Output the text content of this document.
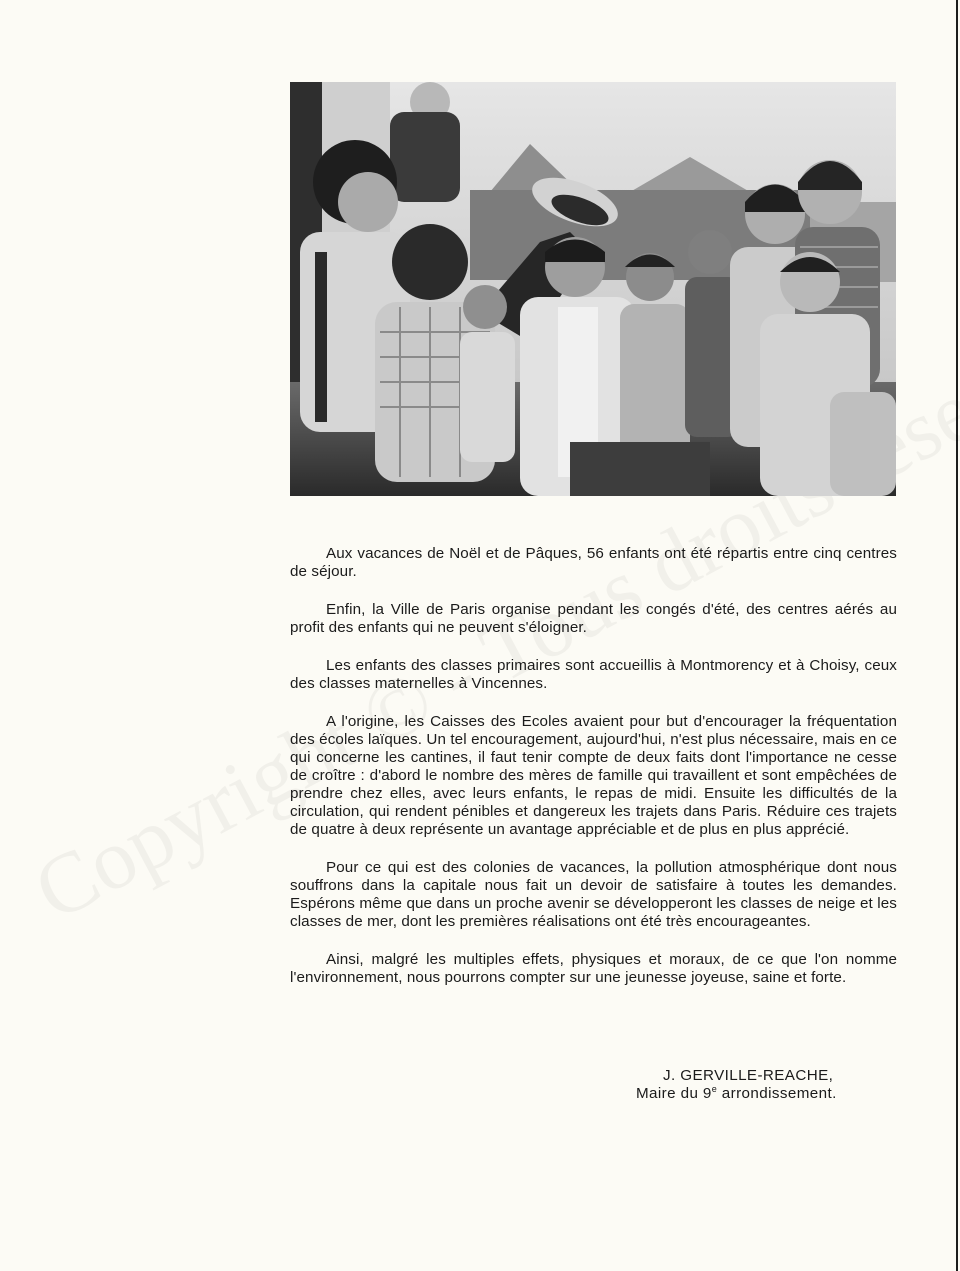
Aux vacances de Noël et de Pâques, 56 enfants ont été répartis entre cinq centres de séjour.

Enfin, la Ville de Paris organise pendant les congés d'été, des centres aérés au profit des enfants qui ne peuvent s'éloigner.

Les enfants des classes primaires sont accueillis à Montmorency et à Choisy, ceux des classes maternelles à Vincennes.

A l'origine, les Caisses des Ecoles avaient pour but d'encourager la fréquentation des écoles laïques. Un tel encouragement, aujourd'hui, n'est plus nécessaire, mais en ce qui concerne les cantines, il faut tenir compte de deux faits dont l'importance ne cesse de croître : d'abord le nombre des mères de famille qui travaillent et sont empêchées de prendre chez elles, avec leurs enfants, le repas de midi. Ensuite les difficultés de la circulation, qui rendent pénibles et dangereux les trajets dans Paris. Réduire ces trajets de quatre à deux représente un avantage appréciable et de plus en plus apprécié.

Pour ce qui est des colonies de vacances, la pollution atmosphérique dont nous souffrons dans la capitale nous fait un devoir de satisfaire à toutes les demandes. Espérons même que dans un proche avenir se développeront les classes de neige et les classes de mer, dont les premières réalisations ont été très encourageantes.

Ainsi, malgré les multiples effets, physiques et moraux, de ce que l'on nomme l'environnement, nous pourrons compter sur une jeunesse joyeuse, saine et forte.

J. GERVILLE-REACHE,
Maire du 9e arrondissement.
